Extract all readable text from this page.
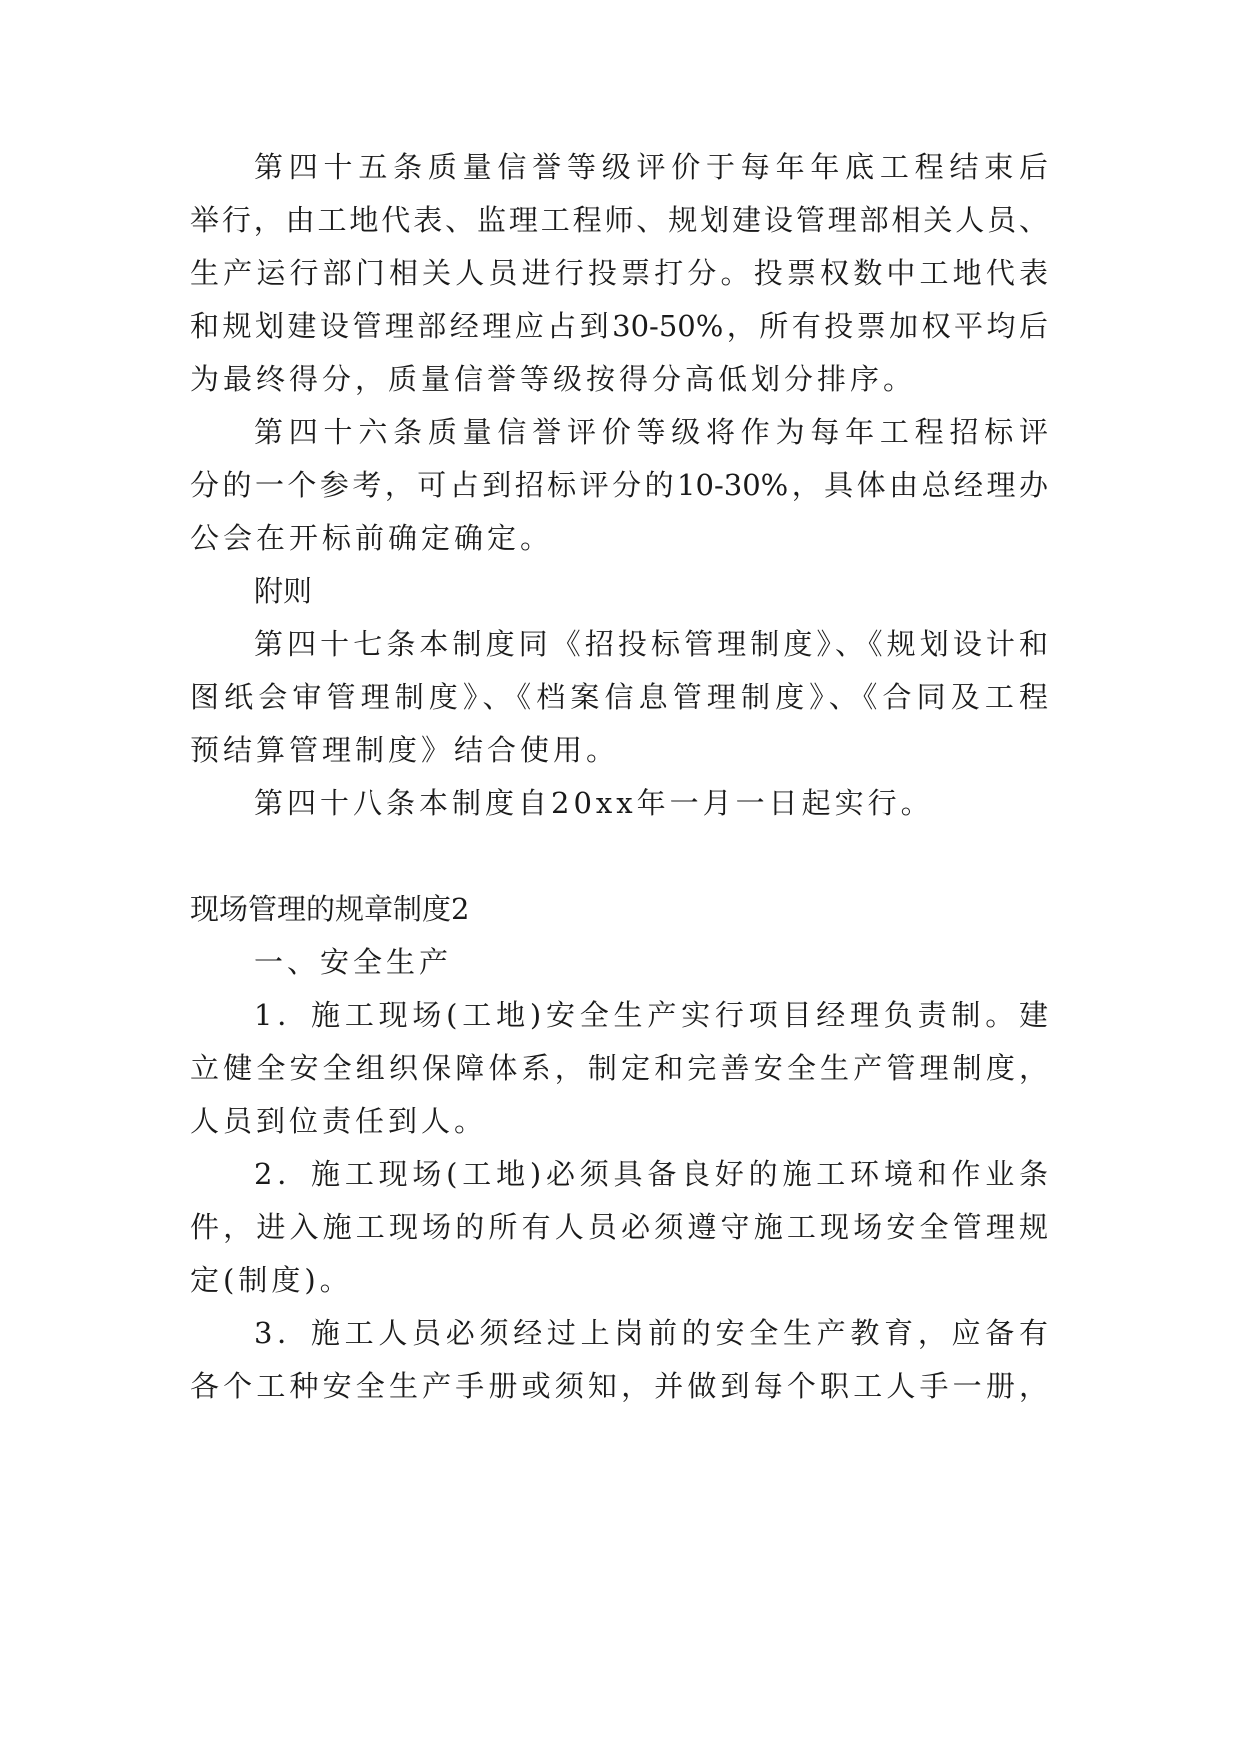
第四十五条质量信誉等级评价于每年年底工程结束后

举行，由工地代表、监理工程师、规划建设管理部相关人员、

生产运行部门相关人员进行投票打分。投票权数中工地代表

和规划建设管理部经理应占到30-50%，所有投票加权平均后

为最终得分，质量信誉等级按得分高低划分排序。

第四十六条质量信誉评价等级将作为每年工程招标评

分的一个参考，可占到招标评分的10-30%，具体由总经理办

公会在开标前确定确定。

附则

第四十七条本制度同《招投标管理制度》、《规划设计和

图纸会审管理制度》、《档案信息管理制度》、《合同及工程

预结算管理制度》结合使用。

第四十八条本制度自20xx年一月一日起实行。

现场管理的规章制度2

一、安全生产

1．施工现场(工地)安全生产实行项目经理负责制。建

立健全安全组织保障体系，制定和完善安全生产管理制度，

人员到位责任到人。

2．施工现场(工地)必须具备良好的施工环境和作业条

件，进入施工现场的所有人员必须遵守施工现场安全管理规

定(制度)。

3．施工人员必须经过上岗前的安全生产教育，应备有

各个工种安全生产手册或须知，并做到每个职工人手一册，
